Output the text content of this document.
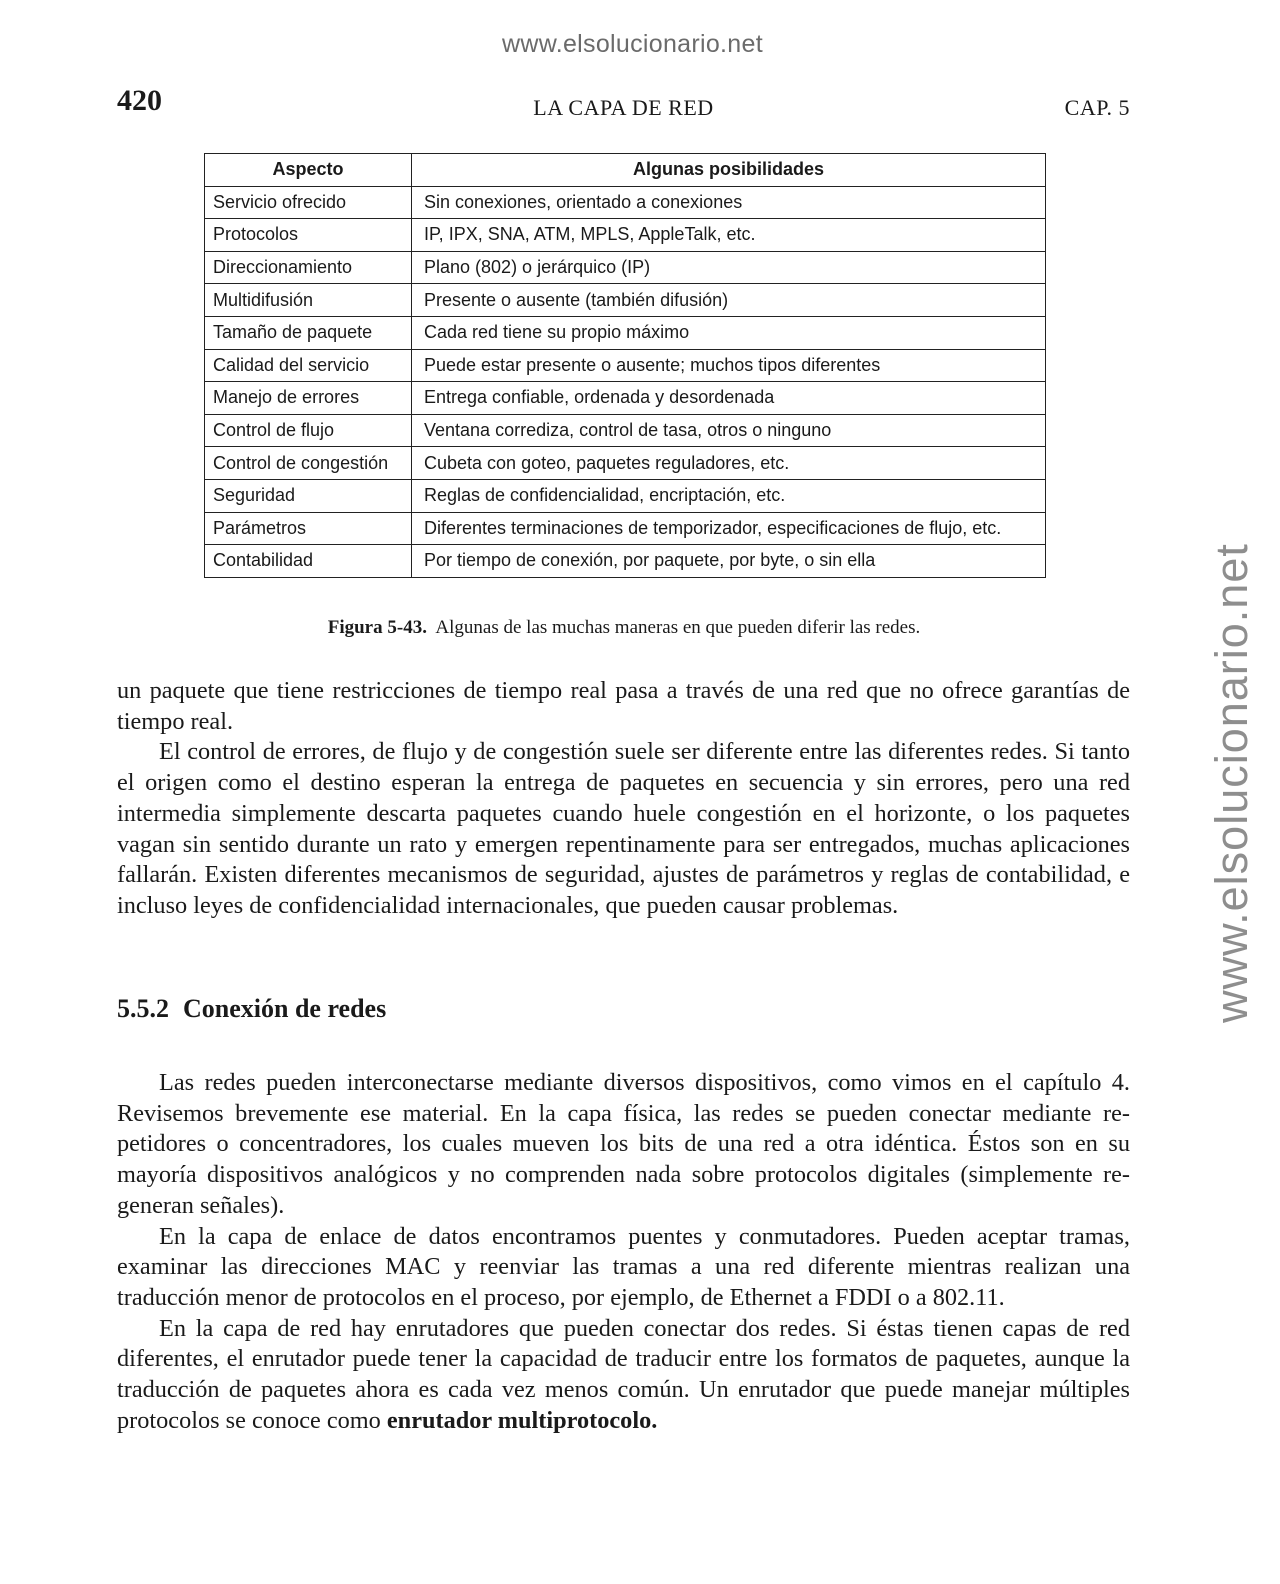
www.elsolucionario.net
www.elsolucionario.net
420	LA CAPA DE RED	CAP. 5
Aspecto	Algunas posibilidades
Servicio ofrecido	Sin conexiones, orientado a conexiones
Protocolos	IP, IPX, SNA, ATM, MPLS, AppleTalk, etc.
Direccionamiento	Plano (802) o jerárquico (IP)
Multidifusión	Presente o ausente (también difusión)
Tamaño de paquete	Cada red tiene su propio máximo
Calidad del servicio	Puede estar presente o ausente; muchos tipos diferentes
Manejo de errores	Entrega confiable, ordenada y desordenada
Control de flujo	Ventana corrediza, control de tasa, otros o ninguno
Control de congestión	Cubeta con goteo, paquetes reguladores, etc.
Seguridad	Reglas de confidencialidad, encriptación, etc.
Parámetros	Diferentes terminaciones de temporizador, especificaciones de flujo, etc.
Contabilidad	Por tiempo de conexión, por paquete, por byte, o sin ella
Figura 5-43. Algunas de las muchas maneras en que pueden diferir las redes.

un paquete que tiene restricciones de tiempo real pasa a través de una red que no ofrece garantías de tiempo real.

El control de errores, de flujo y de congestión suele ser diferente entre las diferentes redes. Si tanto el origen como el destino esperan la entrega de paquetes en secuencia y sin errores, pero una red intermedia simplemente descarta paquetes cuando huele congestión en el horizonte, o los paquetes vagan sin sentido durante un rato y emergen repentinamente para ser entregados, muchas aplicaciones fallarán. Existen diferentes mecanismos de seguridad, ajustes de parámetros y reglas de contabilidad, e incluso leyes de confidencialidad internacionales, que pueden causar problemas.

5.5.2 Conexión de redes

Las redes pueden interconectarse mediante diversos dispositivos, como vimos en el capítulo 4. Revisemos brevemente ese material. En la capa física, las redes se pueden conectar mediante repetidores o concentradores, los cuales mueven los bits de una red a otra idéntica. Éstos son en su mayoría dispositivos analógicos y no comprenden nada sobre protocolos digitales (simplemente regeneran señales).

En la capa de enlace de datos encontramos puentes y conmutadores. Pueden aceptar tramas, examinar las direcciones MAC y reenviar las tramas a una red diferente mientras realizan una traducción menor de protocolos en el proceso, por ejemplo, de Ethernet a FDDI o a 802.11.

En la capa de red hay enrutadores que pueden conectar dos redes. Si éstas tienen capas de red diferentes, el enrutador puede tener la capacidad de traducir entre los formatos de paquetes, aunque la traducción de paquetes ahora es cada vez menos común. Un enrutador que puede manejar múltiples protocolos se conoce como enrutador multiprotocolo.
